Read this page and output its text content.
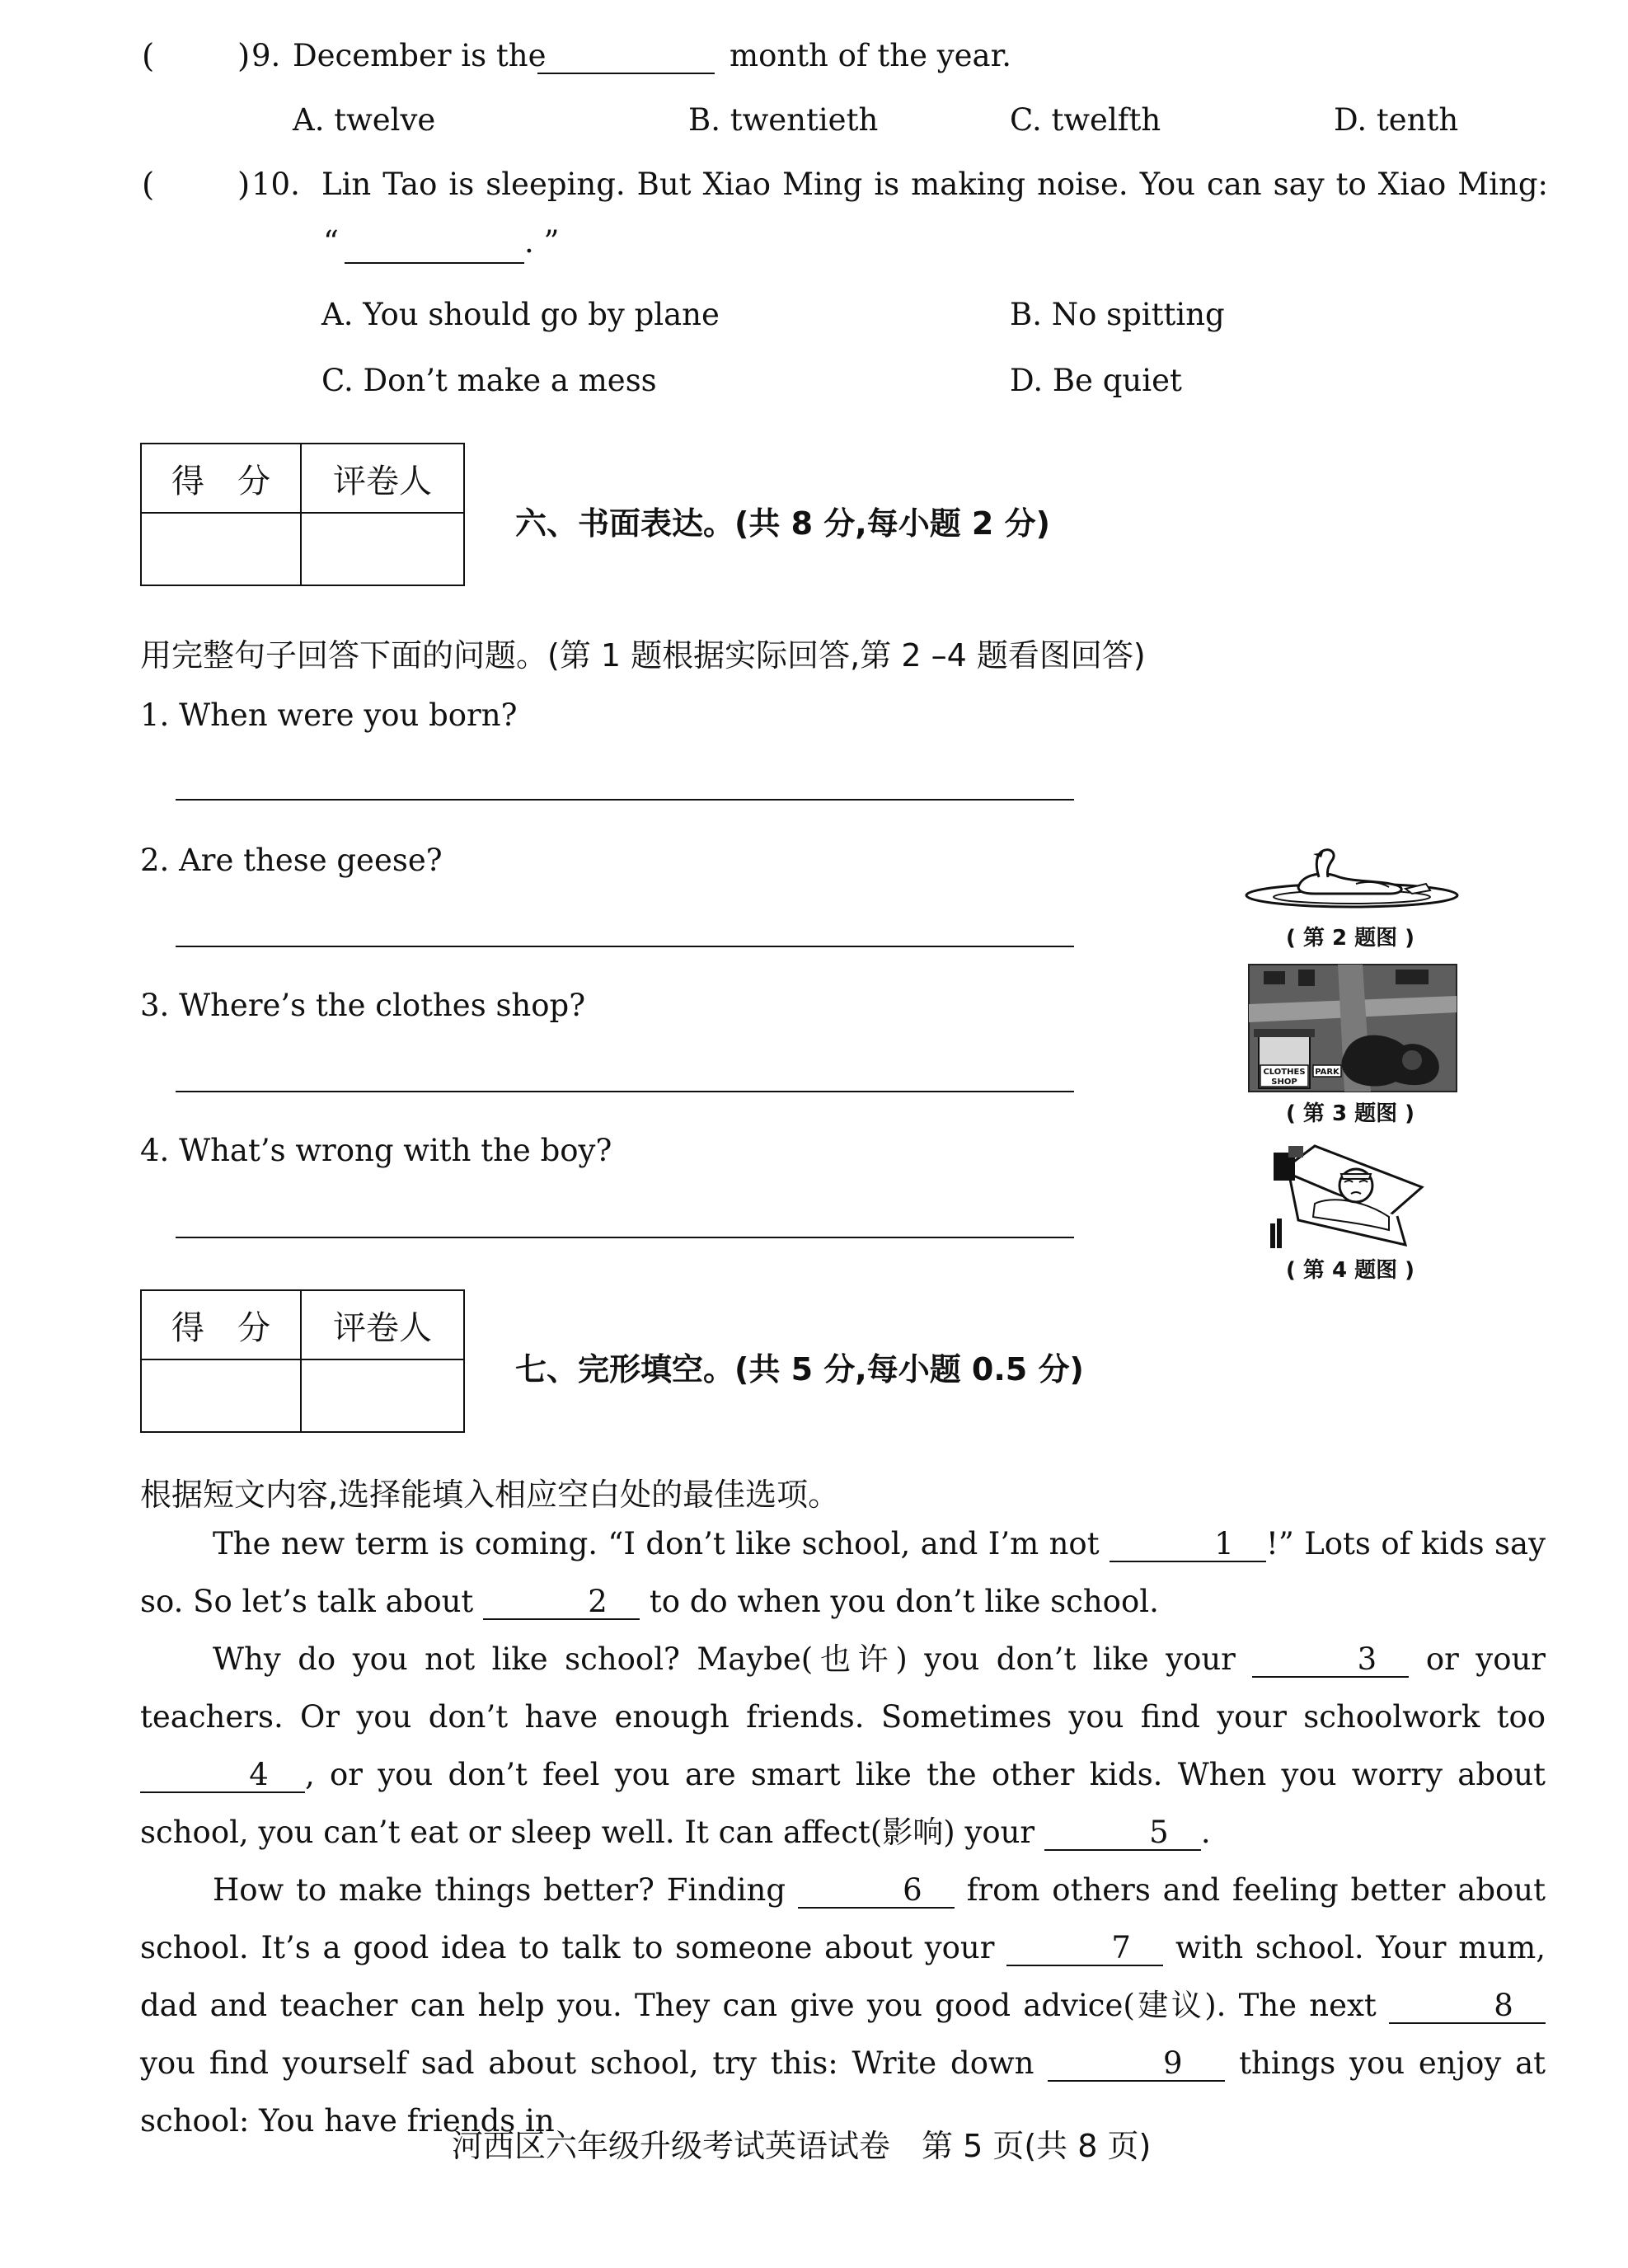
(	) 9. December is the	month of the year.
A. twelve	B. twentieth	C. twelfth	D. tenth
(	) 10. Lin Tao is sleeping. But Xiao Ming is making noise. You can say to Xiao Ming:
“	. ”
A. You should go by plane	B. No spitting
C. Don’t make a mess	D. Be quiet
得　分	评卷人

六、书面表达。(共 8 分,每小题 2 分)
用完整句子回答下面的问题。(第 1 题根据实际回答,第 2 –4 题看图回答)
1. When were you born?
2. Are these geese?
3. Where’s the clothes shop?
4. What’s wrong with the boy?
( 第 2 题图 )
CLOTHES
SHOP
PARK
( 第 3 题图 )
( 第 4 题图 )
得　分	评卷人

七、完形填空。(共 5 分,每小题 0.5 分)
根据短文内容,选择能填入相应空白处的最佳选项。
The new term is coming. “I don’t like school, and I’m not	1 !” Lots of kids say so. So let’s talk about	2 to do when you don’t like school.
Why do you not like school? Maybe(也许) you don’t like your	3 or your teachers. Or you don’t have enough friends. Sometimes you find your schoolwork too 4 , or you don’t feel you are smart like the other kids. When you worry about school, you can’t eat or sleep well. It can affect(影响) your	5 .
How to make things better? Finding	6 from others and feeling better about school. It’s a good idea to talk to someone about your	7 with school. Your mum, dad and teacher can help you. They can give you good advice(建议). The next	8 you find yourself sad about school, try this: Write down	9 things you enjoy at school: You have friends in
河西区六年级升级考试英语试卷　第 5 页(共 8 页)
